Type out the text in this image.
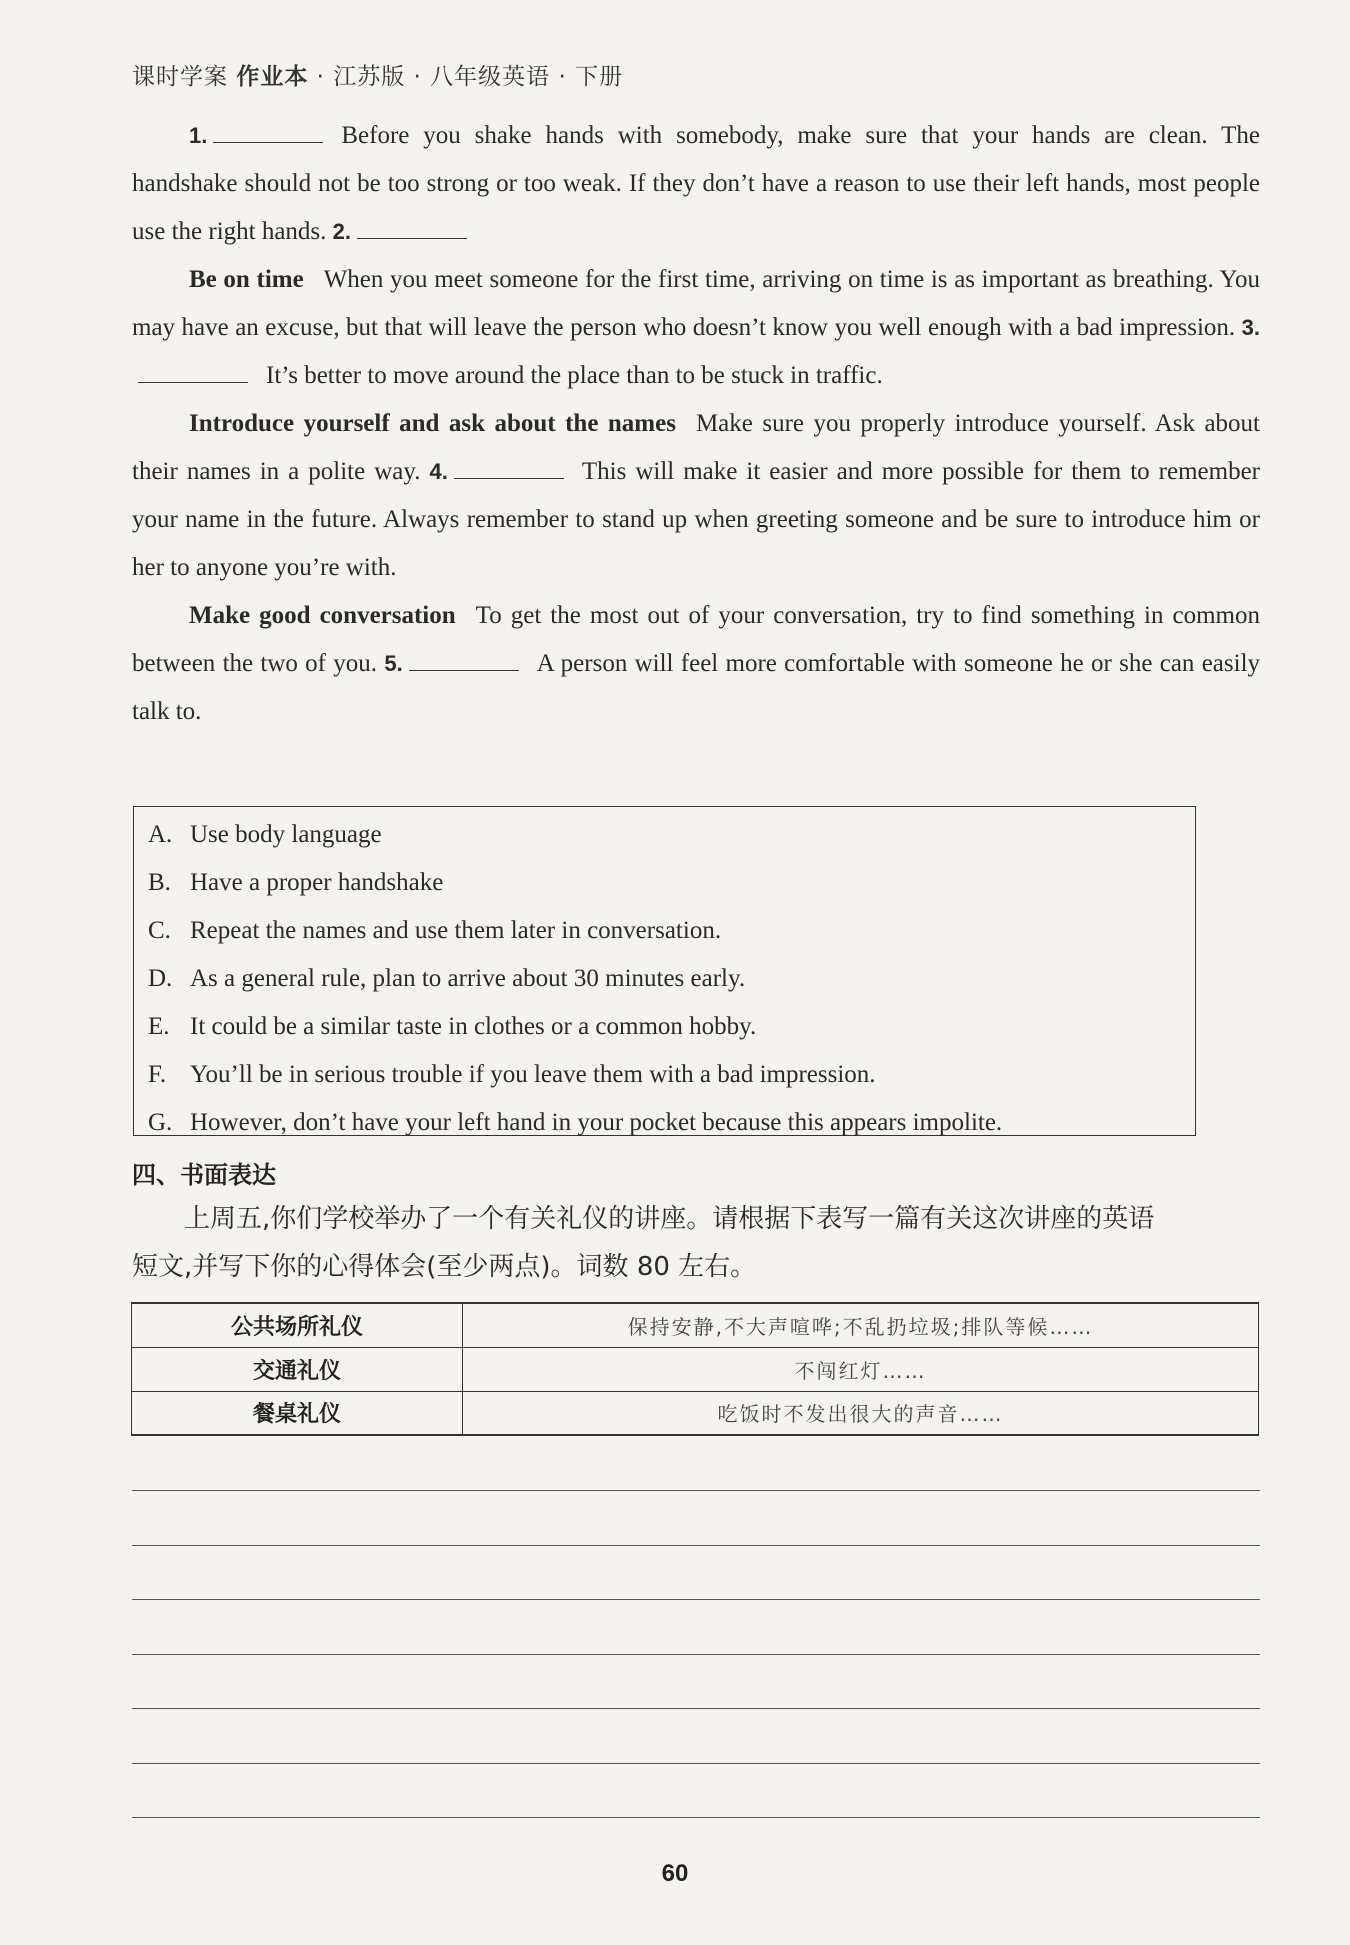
课时学案 作业本 · 江苏版 · 八年级英语 · 下册

1.	Before you shake hands with somebody, make sure that your hands are clean. The handshake should not be too strong or too weak. If they don’t have a reason to use their left hands, most people use the right hands. 2.

Be on time When you meet someone for the first time, arriving on time is as important as breathing. You may have an excuse, but that will leave the person who doesn’t know you well enough with a bad impression. 3.It’s better to move around the place than to be stuck in traffic.

Introduce yourself and ask about the names Make sure you properly introduce yourself. Ask about their names in a polite way. 4.	This will make it easier and more possible for them to remember your name in the future. Always remember to stand up when greeting someone and be sure to introduce him or her to anyone you’re with.

Make good conversation To get the most out of your conversation, try to find something in common between the two of you. 5.	A person will feel more comfortable with someone he or she can easily talk to.

A. Use body language

B. Have a proper handshake

C. Repeat the names and use them later in conversation.

D. As a general rule, plan to arrive about 30 minutes early.

E. It could be a similar taste in clothes or a common hobby.

F. You’ll be in serious trouble if you leave them with a bad impression.

G. However, don’t have your left hand in your pocket because this appears impolite.

四、书面表达

上周五,你们学校举办了一个有关礼仪的讲座。请根据下表写一篇有关这次讲座的英语

短文,并写下你的心得体会(至少两点)。词数 80 左右。

公共场所礼仪	保持安静,不大声喧哗;不乱扔垃圾;排队等候……
交通礼仪	不闯红灯……
餐桌礼仪	吃饭时不发出很大的声音……
60
